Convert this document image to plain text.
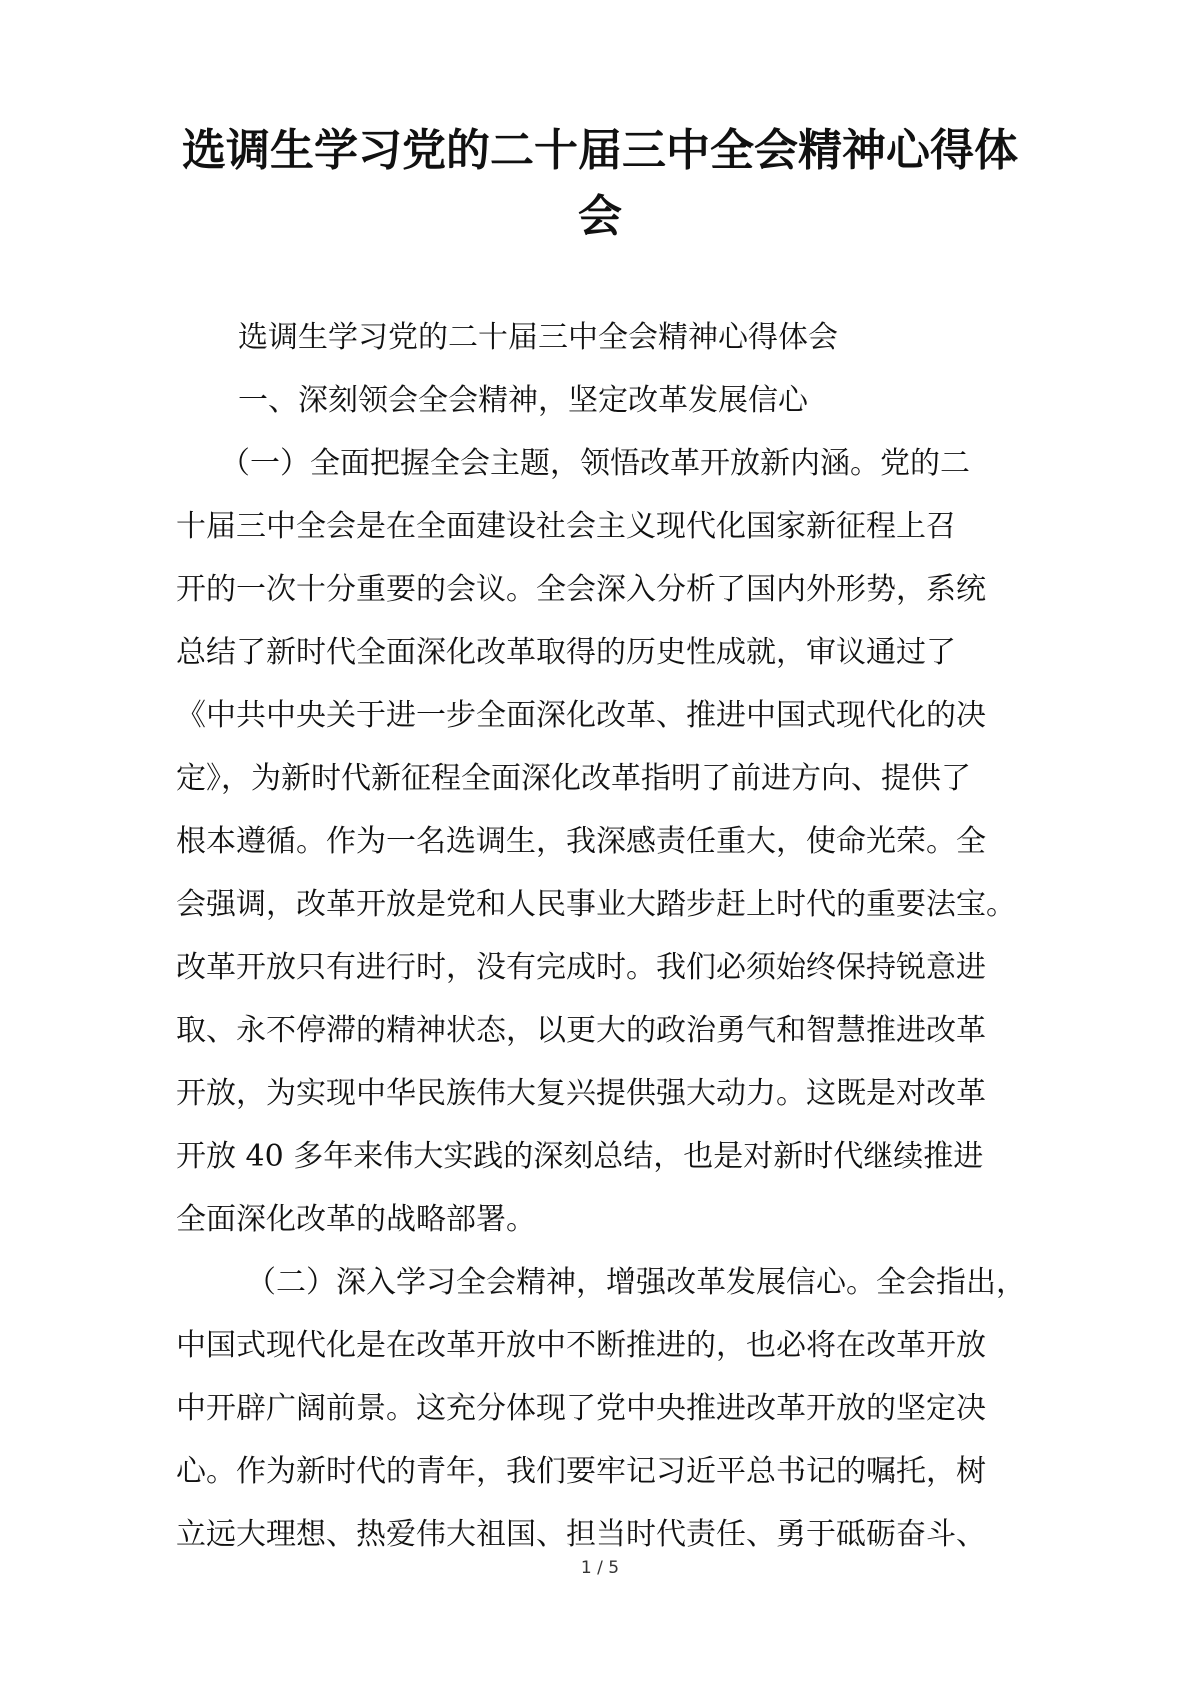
选调生学习党的二十届三中全会精神心得体
会
选调生学习党的二十届三中全会精神心得体会
一、深刻领会全会精神，坚定改革发展信心
（一）全面把握全会主题，领悟改革开放新内涵。党的二
十届三中全会是在全面建设社会主义现代化国家新征程上召
开的一次十分重要的会议。全会深入分析了国内外形势，系统
总结了新时代全面深化改革取得的历史性成就，审议通过了
《中共中央关于进一步全面深化改革、推进中国式现代化的决
定》，为新时代新征程全面深化改革指明了前进方向、提供了
根本遵循。作为一名选调生，我深感责任重大，使命光荣。全
会强调，改革开放是党和人民事业大踏步赶上时代的重要法宝。
改革开放只有进行时，没有完成时。我们必须始终保持锐意进
取、永不停滞的精神状态，以更大的政治勇气和智慧推进改革
开放，为实现中华民族伟大复兴提供强大动力。这既是对改革
开放 40 多年来伟大实践的深刻总结，也是对新时代继续推进
全面深化改革的战略部署。
（二）深入学习全会精神，增强改革发展信心。全会指出，
中国式现代化是在改革开放中不断推进的，也必将在改革开放
中开辟广阔前景。这充分体现了党中央推进改革开放的坚定决
心。作为新时代的青年，我们要牢记习近平总书记的嘱托，树
立远大理想、热爱伟大祖国、担当时代责任、勇于砥砺奋斗、
1 / 5
